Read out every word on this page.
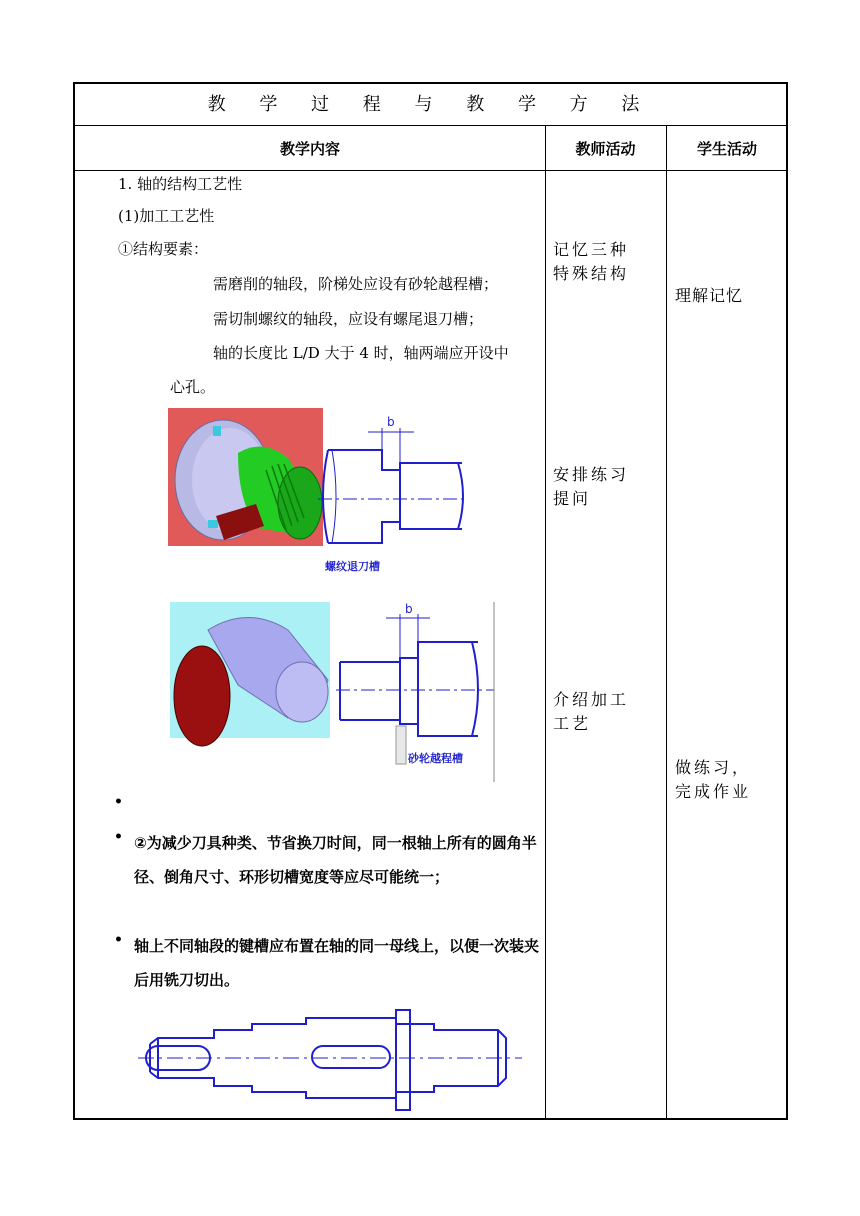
教 学 过 程 与 教 学 方 法
教学内容	教师活动	学生活动
1. 轴的结构工艺性
(1)加工工艺性
①结构要素：
需磨削的轴段，阶梯处应设有砂轮越程槽；
需切制螺纹的轴段，应设有螺尾退刀槽；
轴的长度比 L/D 大于 4 时，轴两端应开设中
心孔。
b
螺纹退刀槽
b
砂轮越程槽
•
• ②为减少刀具种类、节省换刀时间，同一根轴上所有的圆角半径、倒角尺寸、环形切槽宽度等应尽可能统一；
• 轴上不同轴段的键槽应布置在轴的同一母线上，以便一次装夹后用铣刀切出。
记忆三种
特殊结构
安排练习
提问
介绍加工
工艺
理解记忆
做练习，
完成作业
